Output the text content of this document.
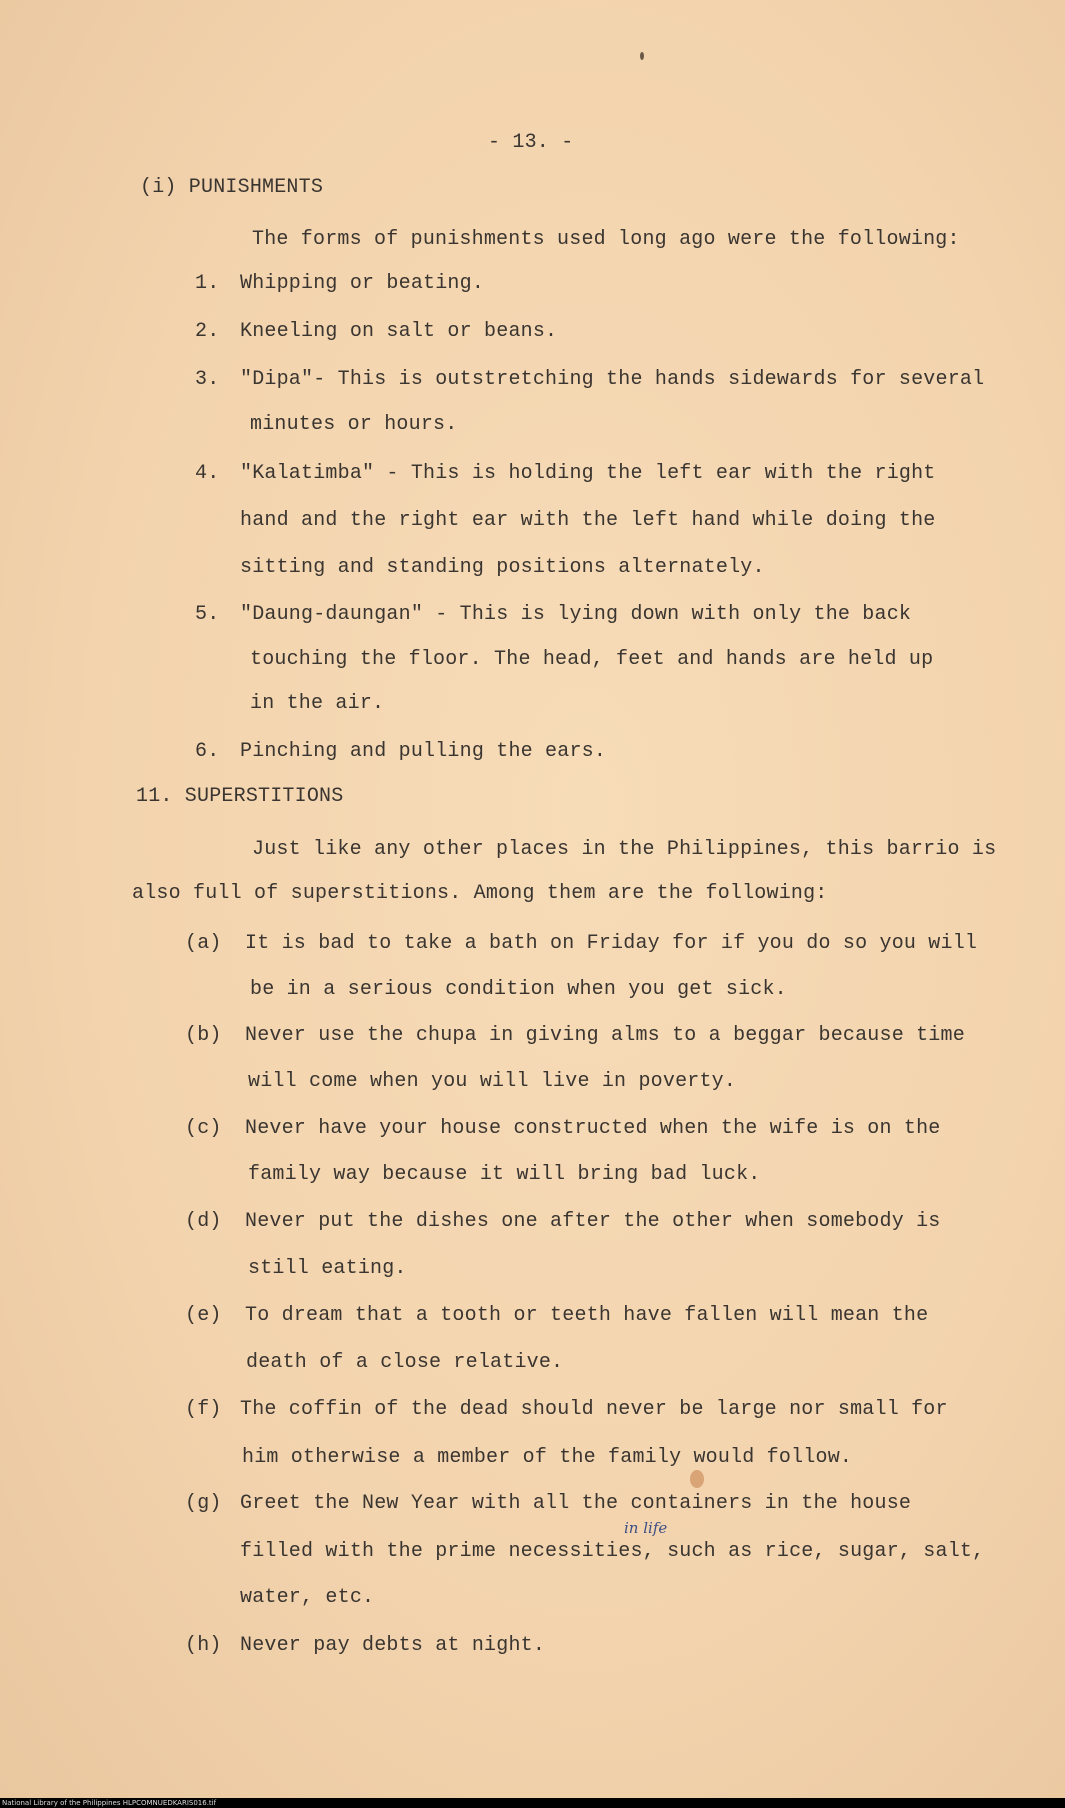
- 13. -
(i) PUNISHMENTS
The forms of punishments used long ago were the following:
1. Whipping or beating.
2. Kneeling on salt or beans.
3. "Dipa"- This is outstretching the hands sidewards for several
minutes or hours.
4. "Kalatimba" - This is holding the left ear with the right
hand and the right ear with the left hand while doing the
sitting and standing positions alternately.
5. "Daung-daungan" - This is lying down with only the back
touching the floor. The head, feet and hands are held up
in the air.
6. Pinching and pulling the ears.
11. SUPERSTITIONS
Just like any other places in the Philippines, this barrio is
also full of superstitions. Among them are the following:
(a) It is bad to take a bath on Friday for if you do so you will
be in a serious condition when you get sick.
(b) Never use the chupa in giving alms to a beggar because time
will come when you will live in poverty.
(c) Never have your house constructed when the wife is on the
family way because it will bring bad luck.
(d) Never put the dishes one after the other when somebody is
still eating.
(e) To dream that a tooth or teeth have fallen will mean the
death of a close relative.
(f) The coffin of the dead should never be large nor small for
him otherwise a member of the family would follow.
(g) Greet the New Year with all the containers in the house
in life
filled with the prime necessities, such as rice, sugar, salt,
water, etc.
(h) Never pay debts at night.
National Library of the Philippines HLPCOMNUEDKARIS016.tif
